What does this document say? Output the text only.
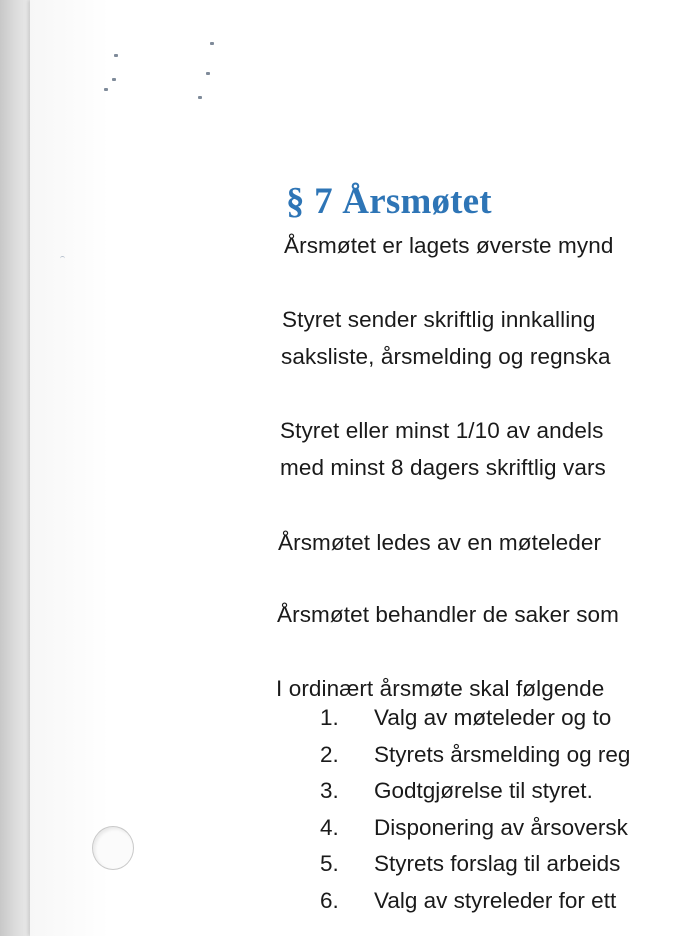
§ 7 Årsmøtet

Årsmøtet er lagets øverste mynd

Styret sender skriftlig innkalling

saksliste, årsmelding og regnska

Styret eller minst 1/10 av andels

med minst 8 dagers skriftlig vars

Årsmøtet ledes av en møteleder

Årsmøtet behandler de saker som

I ordinært årsmøte skal følgende

1.	Valg av møteleder og to
2.	Styrets årsmelding og reg
3.	Godtgjørelse til styret.
4.	Disponering av årsoversk
5.	Styrets forslag til arbeids
6.	Valg av styreleder for ett
